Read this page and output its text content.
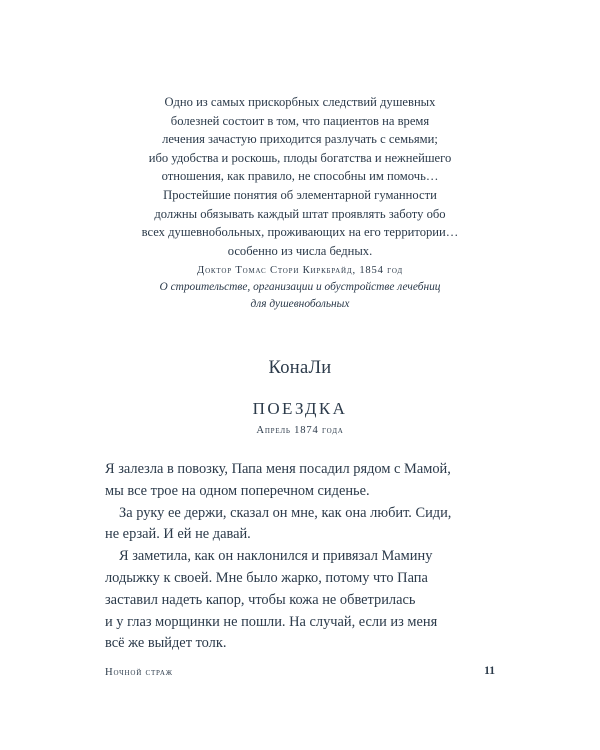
Одно из самых прискорбных следствий душевных
болезней состоит в том, что пациентов на время
лечения зачастую приходится разлучать с семьями;
ибо удобства и роскошь, плоды богатства и нежнейшего
отношения, как правило, не способны им помочь…
Простейшие понятия об элементарной гуманности
должны обязывать каждый штат проявлять заботу обо
всех душевнобольных, проживающих на его территории…
особенно из числа бедных.
Доктор Томас Стори Киркбрайд, 1854 год
О строительстве, организации и обустройстве лечебниц
для душевнобольных
КонаЛи
ПОЕЗДКА
Апрель 1874 года
Я залезла в повозку, Папа меня посадил рядом с Мамой,
мы все трое на одном поперечном сиденье.
За руку ее держи, сказал он мне, как она любит. Сиди,
не ерзай. И ей не давай.
Я заметила, как он наклонился и привязал Мамину
лодыжку к своей. Мне было жарко, потому что Папа
заставил надеть капор, чтобы кожа не обветрилась
и у глаз морщинки не пошли. На случай, если из меня
всё же выйдет толк.
Ночной страж	11
